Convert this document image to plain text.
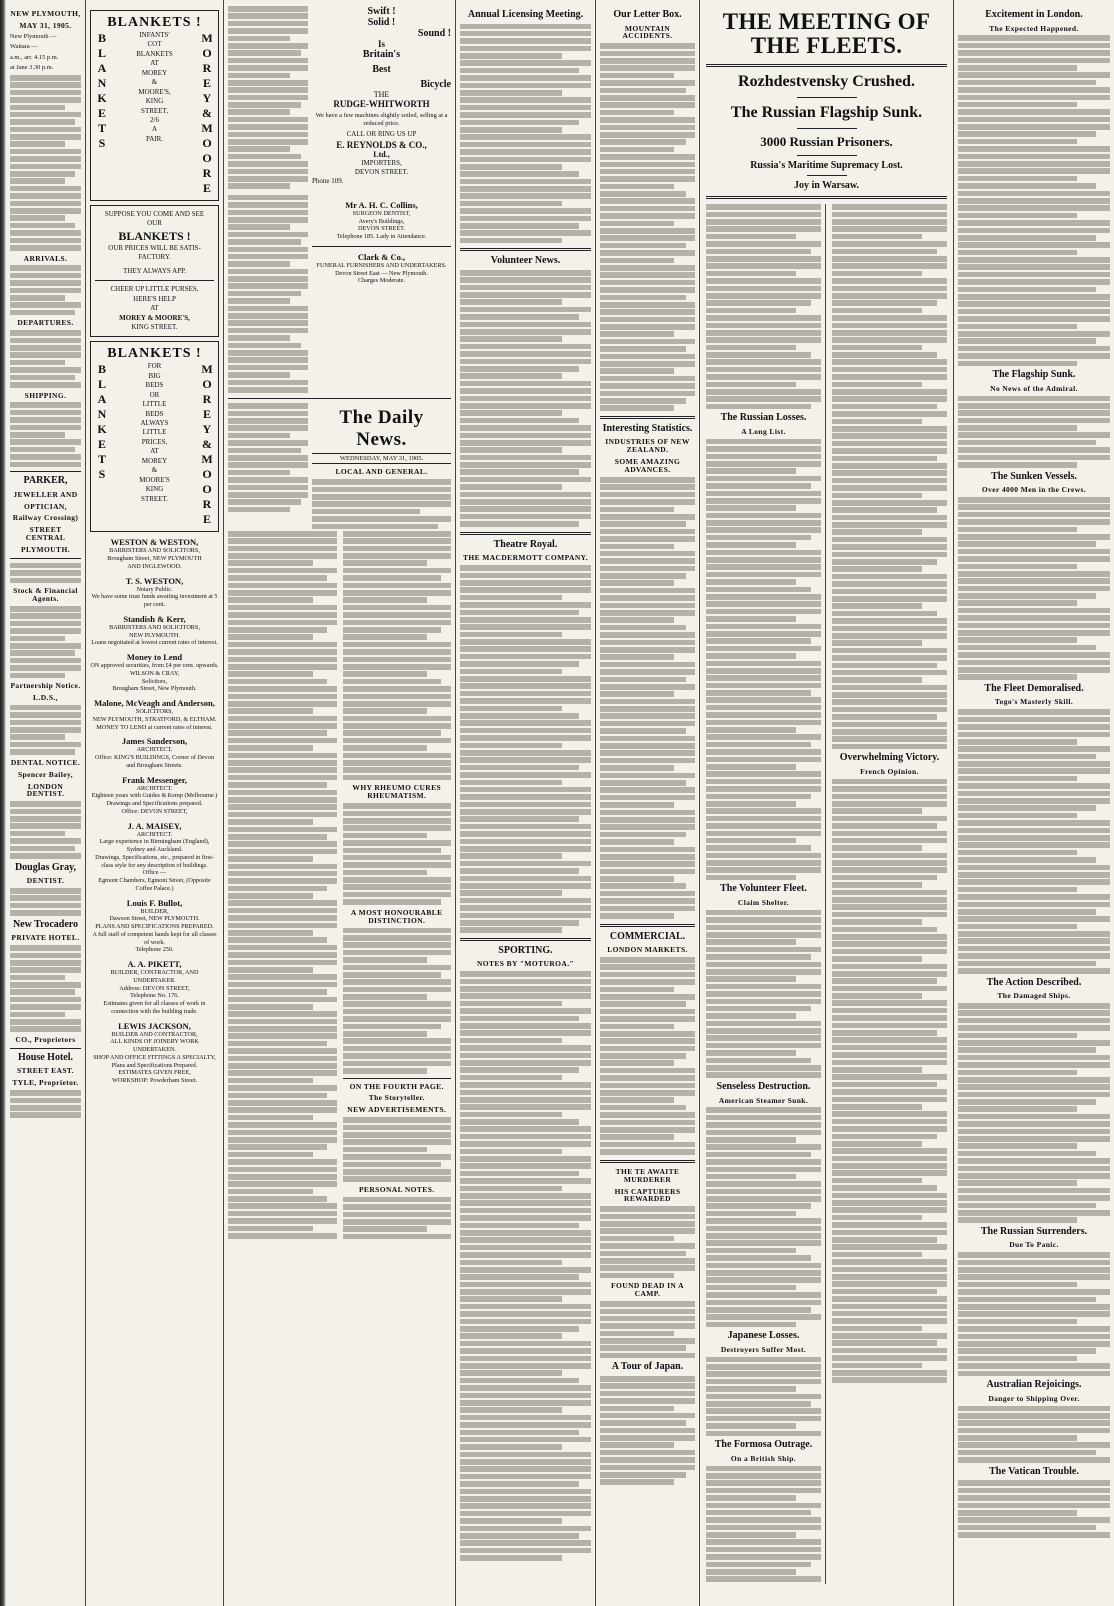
NEW PLYMOUTH,
MAY 31, 1905.

New Plymouth —

Waitara —

a.m., arr. 4.15 p.m.

at Jane 3.30 p.m.

ARRIVALS.
DEPARTURES.
SHIPPING.
PARKER,
JEWELLER AND
OPTICIAN,
Railway Crossing)
STREET CENTRAL
PLYMOUTH.
Stock & Financial Agents.
Partnership Notice.
L.D.S.,
DENTAL NOTICE.
Spencer Bailey,
LONDON DENTIST.
Douglas Gray,
DENTIST.
New Trocadero
PRIVATE HOTEL.
CO., Proprietors
House Hotel.
STREET EAST.
TYLE, Proprietor.
BLANKETS !
B
L
A
N
K
E
T
S
INFANTS'
COT
BLANKETS
AT
MOREY
&
MOORE'S,
KING
STREET,
2/6
A
PAIR.
M
O
R
E
Y
&
M
O
O
R
E
SUPPOSE YOU COME AND SEE
OUR
BLANKETS !
OUR PRICES WILL BE SATIS-
FACTORY.
THEY ALWAYS APP.
CHEER UP LITTLE PURSES,
HERE'S HELP
AT
MOREY & MOORE'S,
KING STREET.
BLANKETS !
B
L
A
N
K
E
T
S
FOR
BIG
BEDS
OR
LITTLE
BEDS
ALWAYS
LITTLE
PRICES,
AT
MOREY
&
MOORE'S
KING
STREET.
M
O
R
E
Y
&
M
O
O
R
E
WESTON & WESTON,
BARRISTERS AND SOLICITORS,
Brougham Street, NEW PLYMOUTH
AND INGLEWOOD.
T. S. WESTON,
Notary Public.
We have some trust funds awaiting investment at 5 per cent.
Standish & Kerr,
BARRISTERS AND SOLICITORS,
NEW PLYMOUTH.
Loans negotiated at lowest current rates of interest.
Money to Lend
ON approved securities, from £4 per cent. upwards.
WILSON & CRAY,
Solicitors,
Brougham Street, New Plymouth.
Malone, McVeagh and Anderson,
SOLICITORS,
NEW PLYMOUTH, STRATFORD, & ELTHAM.
MONEY TO LEND at current rates of interest.
James Sanderson,
ARCHITECT.
Office: KING'S BUILDINGS, Corner of Devon and Brougham Streets.
Frank Messenger,
ARCHITECT.
Eighteen years with Guides & Kemp (Melbourne.)
Drawings and Specifications prepared.
Office: DEVON STREET,
J. A. MAISEY,
ARCHITECT.
Large experience in Birmingham (England), Sydney and Auckland.
Drawings, Specifications, etc., prepared in first-class style for any description of buildings.
Office —
Egmont Chambers, Egmont Street, (Opposite Coffee Palace.)
Louis F. Bullot,
BUILDER,
Dawson Street, NEW PLYMOUTH.
PLANS AND SPECIFICATIONS PREPARED.
A full staff of competent hands kept for all classes of work.
Telephone 250.
A. A. PIKETT,
BUILDER, CONTRACTOR, AND UNDERTAKER.
Address: DEVON STREET,
Telephone No. 176.
Estimates given for all classes of work in connection with the building trade.
LEWIS JACKSON,
BUILDER AND CONTRACTOR,
ALL KINDS OF JOINERY WORK UNDERTAKEN.
SHOP AND OFFICE FITTINGS A SPECIALTY,
Plans and Specifications Prepared.
ESTIMATES GIVEN FREE,
WORKSHOP: Powderham Street.
Swift !
Solid !
Sound !
Is
Britain's
Best
Bicycle
THE
RUDGE-WHITWORTH

We have a few machines slightly soiled, selling at a reduced price.

CALL OR RING US UP
E. REYNOLDS & CO.,
Ltd.,
IMPORTERS,
DEVON STREET.
Phone 109.
Mr A. H. C. Collins,
SURGEON DENTIST,
Avery's Buildings,
DEVON STREET.
Telephone 185. Lady in Attendance.
Clark & Co.,
FUNERAL FURNISHERS AND UNDERTAKERS.
Devon Street East — New Plymouth.
Charges Moderate.
The Daily News.
WEDNESDAY, MAY 31, 1905.
LOCAL AND GENERAL.
WHY RHEUMO CURES RHEUMATISM.
A MOST HONOURABLE DISTINCTION.
ON THE FOURTH PAGE.
The Storyteller.
NEW ADVERTISEMENTS.
PERSONAL NOTES.
Annual Licensing Meeting.
Volunteer News.
Theatre Royal.
THE MACDERMOTT COMPANY.
SPORTING.
NOTES BY "MOTUROA."
Our Letter Box.
MOUNTAIN ACCIDENTS.
Interesting Statistics.
INDUSTRIES OF NEW ZEALAND.
SOME AMAZING ADVANCES.
COMMERCIAL.
LONDON MARKETS.
THE TE AWAITE MURDERER
HIS CAPTURERS REWARDED
FOUND DEAD IN A CAMP.
A Tour of Japan.
THE MEETING OF THE FLEETS.
Rozhdestvensky Crushed.
The Russian Flagship Sunk.
3000 Russian Prisoners.
Russia's Maritime Supremacy Lost.
Joy in Warsaw.
The Russian Losses.
A Long List.
The Volunteer Fleet.
Claim Shelter.
Senseless Destruction.
American Steamer Sunk.
Japanese Losses.
Destroyers Suffer Most.
The Formosa Outrage.
On a British Ship.
Overwhelming Victory.
French Opinion.
Excitement in London.
The Expected Happened.
The Flagship Sunk.
No News of the Admiral.
The Sunken Vessels.
Over 4000 Men in the Crews.
The Fleet Demoralised.
Togo's Masterly Skill.
The Action Described.
The Damaged Ships.
The Russian Surrenders.
Due To Panic.
Australian Rejoicings.
Danger to Shipping Over.
The Vatican Trouble.
